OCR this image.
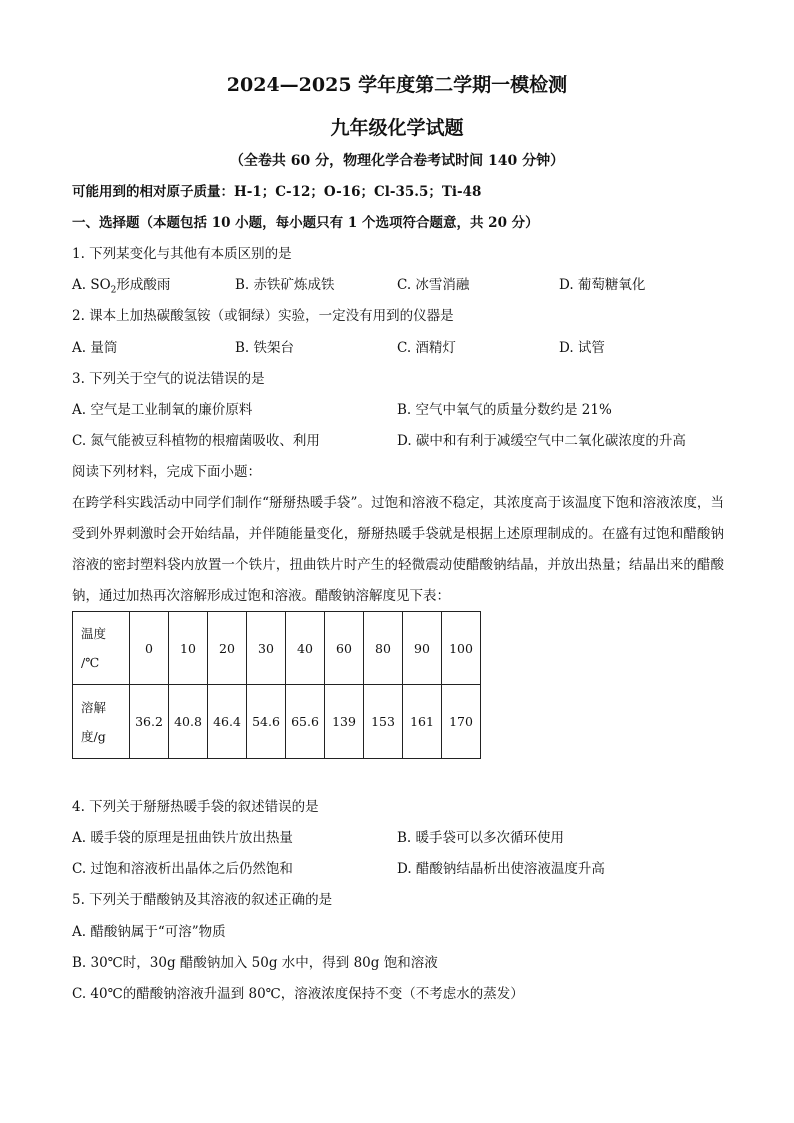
2024—2025 学年度第二学期一模检测
九年级化学试题
（全卷共 60 分，物理化学合卷考试时间 140 分钟）
可能用到的相对原子质量：H-1；C-12；O-16；Cl-35.5；Ti-48
一、选择题（本题包括 10 小题，每小题只有 1 个选项符合题意，共 20 分）
1. 下列某变化与其他有本质区别的是
A. $SO_2$形成酸雨	B. 赤铁矿炼成铁	C. 冰雪消融	D. 葡萄糖氧化
2. 课本上加热碳酸氢铵（或铜绿）实验，一定没有用到的仪器是
A. 量筒	B. 铁架台	C. 酒精灯	D. 试管
3. 下列关于空气的说法错误的是
A. 空气是工业制氧的廉价原料	B. 空气中氧气的质量分数约是 21%
C. 氮气能被豆科植物的根瘤菌吸收、利用	D. 碳中和有利于减缓空气中二氧化碳浓度的升高
阅读下列材料，完成下面小题：
在跨学科实践活动中同学们制作“掰掰热暖手袋”。过饱和溶液不稳定，其浓度高于该温度下饱和溶液浓度，当受到外界刺激时会开始结晶，并伴随能量变化，掰掰热暖手袋就是根据上述原理制成的。在盛有过饱和醋酸钠溶液的密封塑料袋内放置一个铁片，扭曲铁片时产生的轻微震动使醋酸钠结晶，并放出热量；结晶出来的醋酸钠，通过加热再次溶解形成过饱和溶液。醋酸钠溶解度见下表：
温度
/℃	0	10	20	30	40	60	80	90	100
溶解
度/g	36.2	40.8	46.4	54.6	65.6	139	153	161	170
4. 下列关于掰掰热暖手袋的叙述错误的是
A. 暖手袋的原理是扭曲铁片放出热量	B. 暖手袋可以多次循环使用
C. 过饱和溶液析出晶体之后仍然饱和	D. 醋酸钠结晶析出使溶液温度升高
5. 下列关于醋酸钠及其溶液的叙述正确的是
A. 醋酸钠属于“可溶”物质
B. 30℃时，30g 醋酸钠加入 50g 水中，得到 80g 饱和溶液
C. 40℃的醋酸钠溶液升温到 80℃，溶液浓度保持不变（不考虑水的蒸发）
